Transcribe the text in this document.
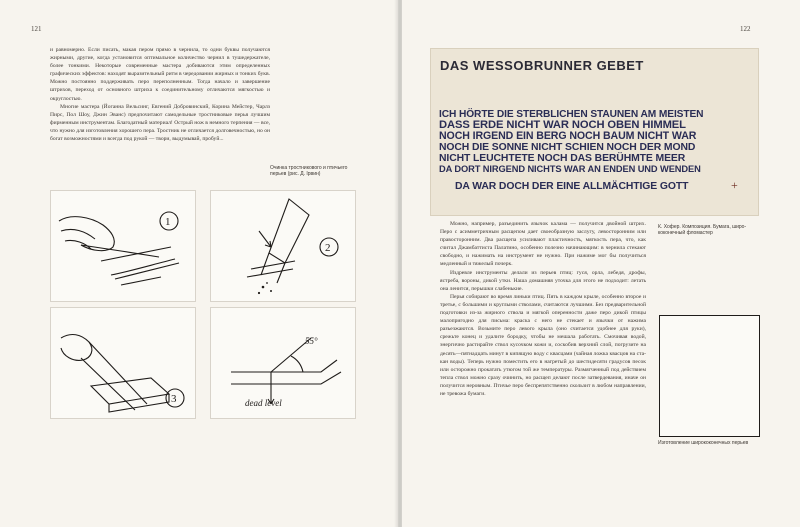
121

и равномерно. Если писать, макая пером прямо в чернила, то одни буквы получаются жирными, другие, когда установится оптимальное количество чернил в тушедержателе, более тонкими. Некоторые современные мастера добиваются этим определенных графических эффектов: находят выразительный ритм в чередовании жирных и тонких букв. Можно постоянно поддерживать перо переполненным. Тогда начало и завершение штрихов, переход от основного штриха к соединительному отличаются мягкостью и округлостью.

Многие мастера (Йоганна Вельсинг, Евгений Добровинский, Корина Мейстер, Чарлз Пирс, Пол Шоу, Джин Эванс) предпочитают самодельные тростниковые перья лучшим фирменным инструментам. Благодатный материал! Острый нож в немного терпения — все, что нужно для изготовления хорошего пера. Тростник не отличается долговечностью, но он богат возможностями и всегда под рукой — твори, выдумывай, пробуй...

Очинка тростникового и птичьего перьев (рис. Д. Ірвин)
1
2
3
55°
dead level
122
DAS WESSOBRUNNER GEBET
ICH HÖRTE DIE STERBLICHEN STAUNEN AM MEISTEN
DASS ERDE NICHT WAR NOCH OBEN HIMMEL
NOCH IRGEND EIN BERG NOCH BAUM NICHT WAR
NOCH DIE SONNE NICHT SCHIEN NOCH DER MOND
NICHT LEUCHTETE NOCH DAS BERÜHMTE MEER
DA DORT NIRGEND NICHTS WAR AN ENDEN UND WENDEN
DA WAR DOCH DER EINE ALLMÄCHTIGE GOTT	+

Можно, например, разъединить язычок калама — получится двойной штрих. Перо с асимметричным расщепом дает своеобразную заслугу, левосторонним или правосторонним. Два расщепа усиливают пластичность, мягкость пера, что, как считал Джамбаттиста Палатино, особенно полезно начинающим: в чернила стекают свободно, и нажимать на инструмент не нужно. При нажиме мог бы получиться медленный и тяжелый почерк.

Издревле инструменты делали из перьев птиц: гуся, орла, лебедя, дрофы, ястреба, вороны, дикой утки. Наша домашняя уточка для этого не подходит: летать она ленится, перышки слабенькие.

Перья собирают во время линьки птиц. Пять в каждом крыле, особенно второе и третье, с большими и круглыми стволами, считаются лучшими. Без предварительной подготовки из-за жирного ствола и мягкой оперенности даже перо дикой птицы малопригодно для письма: краска с него не стекает и язычки от нажима разъезжаются. Возьмите перо левого крыла (оно считается удобнее для руки), срежьте конец и удалите бородку, чтобы не мешала работать. Смочивая водой, энергично растирайте ствол кусочком кожи и, соскобив верхний слой, погрузите на десять—пятнадцать минут в кипящую воду с квасцами (чайная ложка квасцов на стакан воды). Теперь нужно поместить его в нагретый до шестидесяти градусов песок или осторожно прокатать утюгом той же температуры. Размягченный под действием тепла ствол можно сразу очинить, но расщеп делают после затвердевания, иначе он получится неровным. Птичье перо беспрепятственно скользит в любом направлении, не тревожа бумаги.

К. Хофер. Композиция. Бумага, ширококонечный фломастер
Изготовление ширококонечных перьев
